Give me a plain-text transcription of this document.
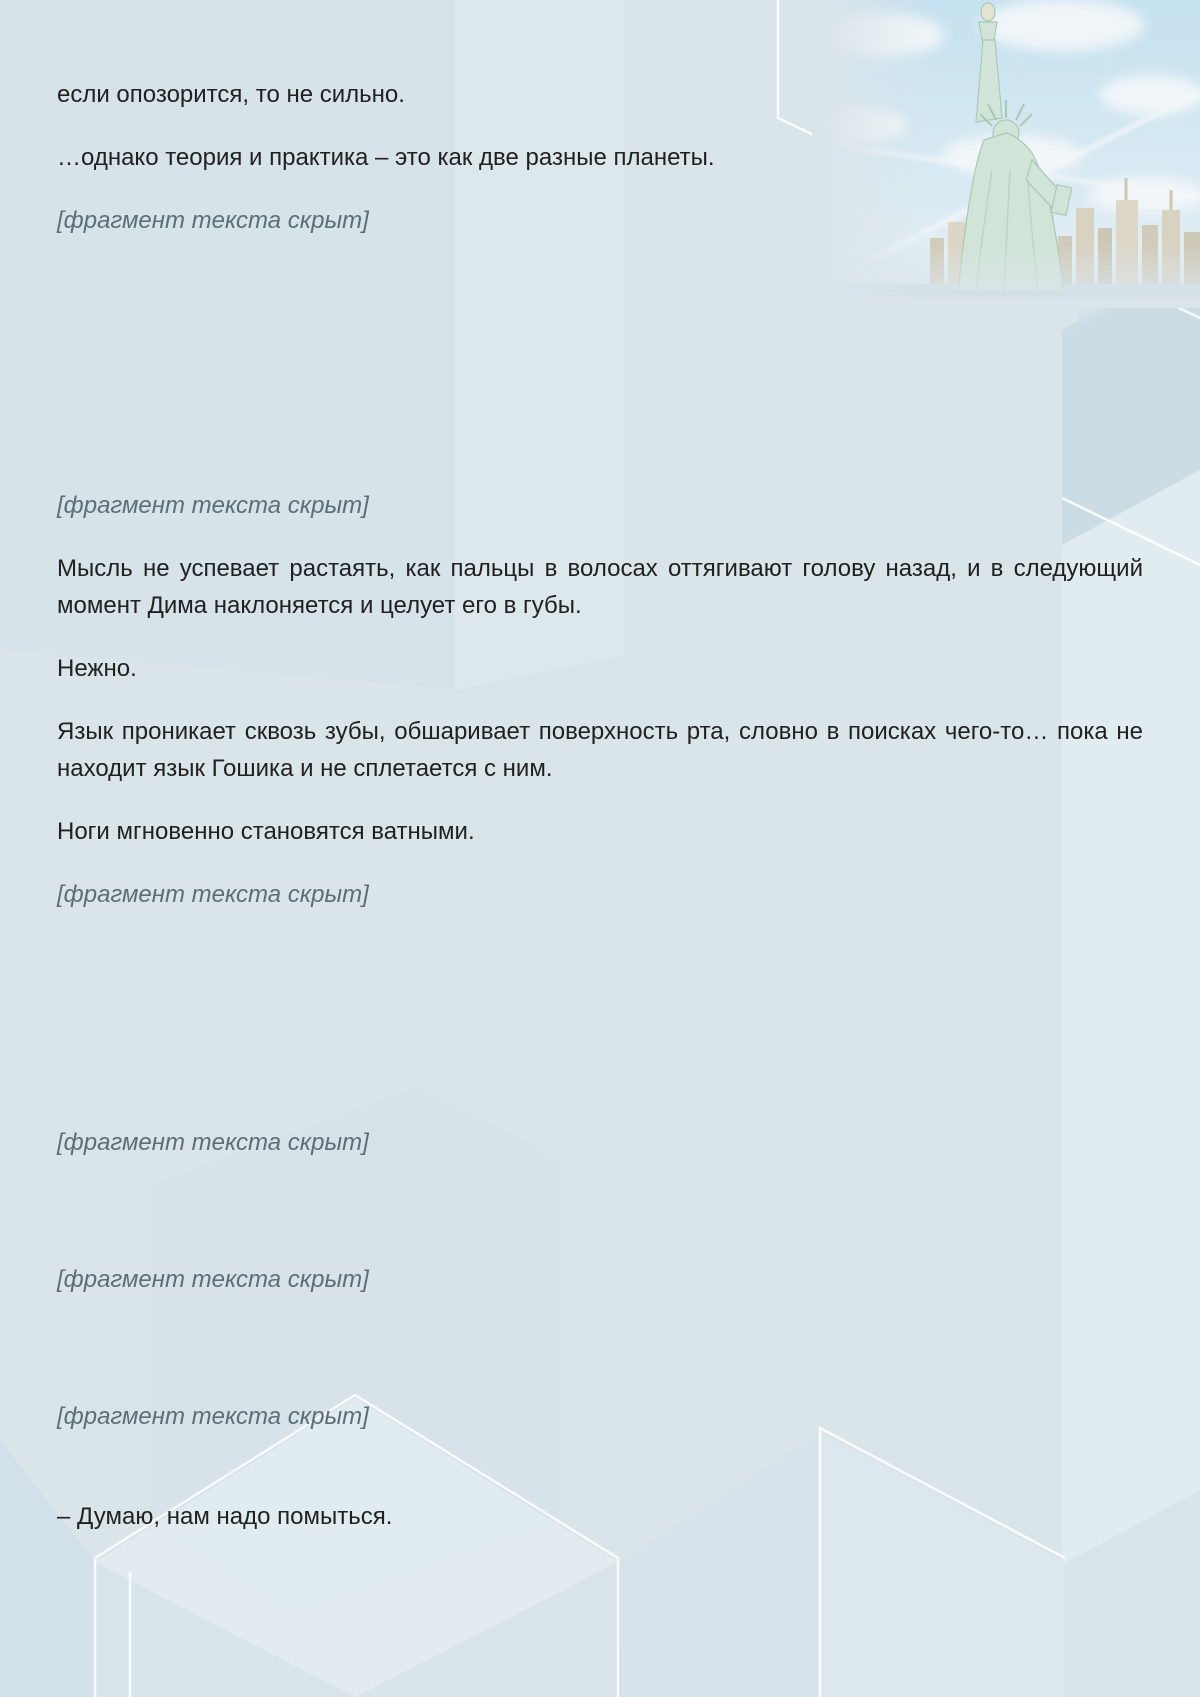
если опозорится, то не сильно.

…однако теория и практика – это как две разные планеты.

[фрагмент текста скрыт]

[фрагмент текста скрыт]

Мысль не успевает растаять, как пальцы в волосах оттягивают голову назад, и в следующий момент Дима наклоняется и целует его в губы.

Нежно.

Язык проникает сквозь зубы, обшаривает поверхность рта, словно в поисках чего-то… пока не находит язык Гошика и не сплетается с ним.

Ноги мгновенно становятся ватными.

[фрагмент текста скрыт]

[фрагмент текста скрыт]

[фрагмент текста скрыт]

[фрагмент текста скрыт]

– Думаю, нам надо помыться.
